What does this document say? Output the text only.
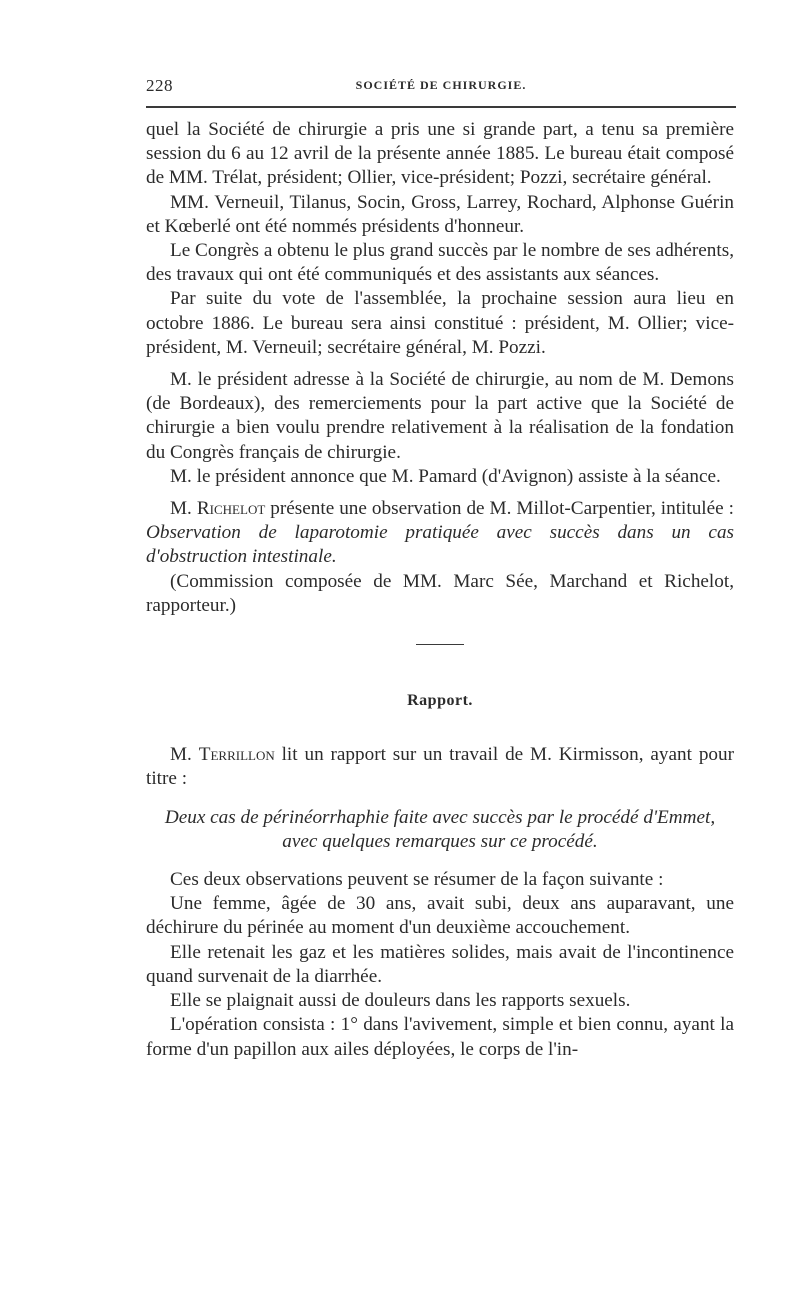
228	SOCIÉTÉ DE CHIRURGIE.

quel la Société de chirurgie a pris une si grande part, a tenu sa première session du 6 au 12 avril de la présente année 1885. Le bureau était composé de MM. Trélat, président; Ollier, vice-président; Pozzi, secrétaire général.

MM. Verneuil, Tilanus, Socin, Gross, Larrey, Rochard, Alphonse Guérin et Kœberlé ont été nommés présidents d'honneur.

Le Congrès a obtenu le plus grand succès par le nombre de ses adhérents, des travaux qui ont été communiqués et des assistants aux séances.

Par suite du vote de l'assemblée, la prochaine session aura lieu en octobre 1886. Le bureau sera ainsi constitué : président, M. Ollier; vice-président, M. Verneuil; secrétaire général, M. Pozzi.

M. le président adresse à la Société de chirurgie, au nom de M. Demons (de Bordeaux), des remerciements pour la part active que la Société de chirurgie a bien voulu prendre relativement à la réalisation de la fondation du Congrès français de chirurgie.

M. le président annonce que M. Pamard (d'Avignon) assiste à la séance.

M. Richelot présente une observation de M. Millot-Carpentier, intitulée : Observation de laparotomie pratiquée avec succès dans un cas d'obstruction intestinale.

(Commission composée de MM. Marc Sée, Marchand et Richelot, rapporteur.)

Rapport.

M. Terrillon lit un rapport sur un travail de M. Kirmisson, ayant pour titre :

Deux cas de périnéorrhaphie faite avec succès par le procédé d'Emmet, avec quelques remarques sur ce procédé.

Ces deux observations peuvent se résumer de la façon suivante :

Une femme, âgée de 30 ans, avait subi, deux ans auparavant, une déchirure du périnée au moment d'un deuxième accouchement.

Elle retenait les gaz et les matières solides, mais avait de l'incontinence quand survenait de la diarrhée.

Elle se plaignait aussi de douleurs dans les rapports sexuels.

L'opération consista : 1° dans l'avivement, simple et bien connu, ayant la forme d'un papillon aux ailes déployées, le corps de l'in-
